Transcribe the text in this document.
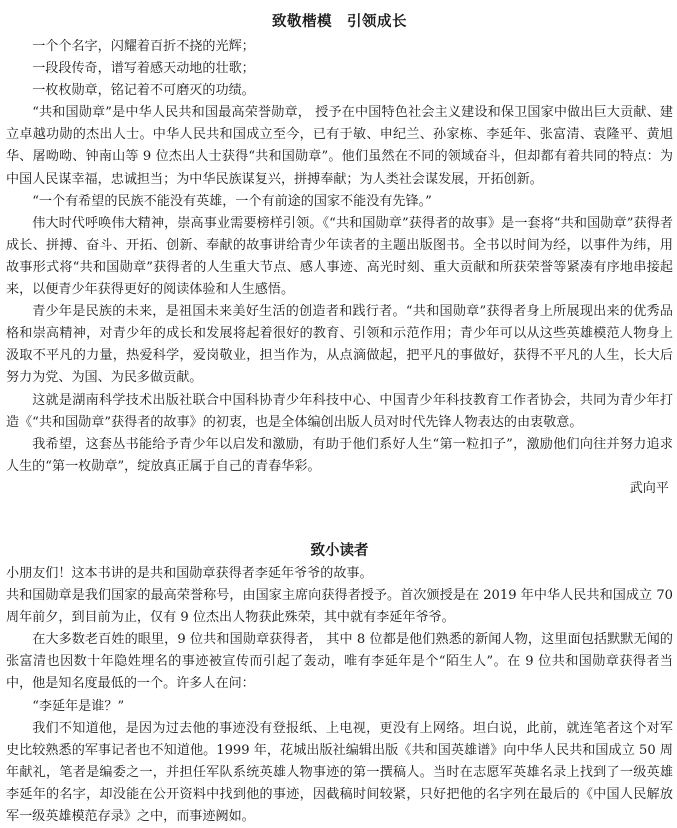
致敬楷模　引领成长

一个个名字，闪耀着百折不挠的光辉；

一段段传奇，谱写着感天动地的壮歌；

一枚枚勋章，铭记着不可磨灭的功绩。

“共和国勋章”是中华人民共和国最高荣誉勋章， 授予在中国特色社会主义建设和保卫国家中做出巨大贡献、建立卓越功勋的杰出人士。中华人民共和国成立至今，已有于敏、申纪兰、孙家栋、李延年、张富清、袁隆平、黄旭华、屠呦呦、钟南山等 9 位杰出人士获得“共和国勋章”。他们虽然在不同的领域奋斗，但却都有着共同的特点：为中国人民谋幸福，忠诚担当；为中华民族谋复兴，拼搏奉献；为人类社会谋发展，开拓创新。

“一个有希望的民族不能没有英雄，一个有前途的国家不能没有先锋。”

伟大时代呼唤伟大精神，崇高事业需要榜样引领。《“共和国勋章”获得者的故事》是一套将“共和国勋章”获得者成长、拼搏、奋斗、开拓、创新、奉献的故事讲给青少年读者的主题出版图书。全书以时间为经，以事件为纬，用故事形式将“共和国勋章”获得者的人生重大节点、感人事迹、高光时刻、重大贡献和所获荣誉等紧凑有序地串接起来，以便青少年获得更好的阅读体验和人生感悟。

青少年是民族的未来，是祖国未来美好生活的创造者和践行者。“共和国勋章”获得者身上所展现出来的优秀品格和崇高精神，对青少年的成长和发展将起着很好的教育、引领和示范作用；青少年可以从这些英雄模范人物身上汲取不平凡的力量，热爱科学，爱岗敬业，担当作为，从点滴做起，把平凡的事做好，获得不平凡的人生，长大后努力为党、为国、为民多做贡献。

这就是湖南科学技术出版社联合中国科协青少年科技中心、中国青少年科技教育工作者协会，共同为青少年打造《“共和国勋章”获得者的故事》的初衷，也是全体编创出版人员对时代先锋人物表达的由衷敬意。

我希望，这套丛书能给予青少年以启发和激励，有助于他们系好人生“第一粒扣子”，激励他们向往并努力追求人生的“第一枚勋章”，绽放真正属于自己的青春华彩。

武向平

致小读者

小朋友们！这本书讲的是共和国勋章获得者李延年爷爷的故事。

共和国勋章是我们国家的最高荣誉称号，由国家主席向获得者授予。首次颁授是在 2019 年中华人民共和国成立 70 周年前夕，到目前为止，仅有 9 位杰出人物获此殊荣，其中就有李延年爷爷。

在大多数老百姓的眼里，9 位共和国勋章获得者， 其中 8 位都是他们熟悉的新闻人物，这里面包括默默无闻的张富清也因数十年隐姓埋名的事迹被宣传而引起了轰动，唯有李延年是个“陌生人”。在 9 位共和国勋章获得者当中，他是知名度最低的一个。许多人在问：

“李延年是谁？”

我们不知道他，是因为过去他的事迹没有登报纸、上电视，更没有上网络。坦白说，此前，就连笔者这个对军史比较熟悉的军事记者也不知道他。1999 年，花城出版社编辑出版《共和国英雄谱》向中华人民共和国成立 50 周年献礼，笔者是编委之一，并担任军队系统英雄人物事迹的第一撰稿人。当时在志愿军英雄名录上找到了一级英雄李延年的名字，却没能在公开资料中找到他的事迹，因截稿时间较紧，只好把他的名字列在最后的《中国人民解放军一级英雄模范存录》之中，而事迹阙如。
